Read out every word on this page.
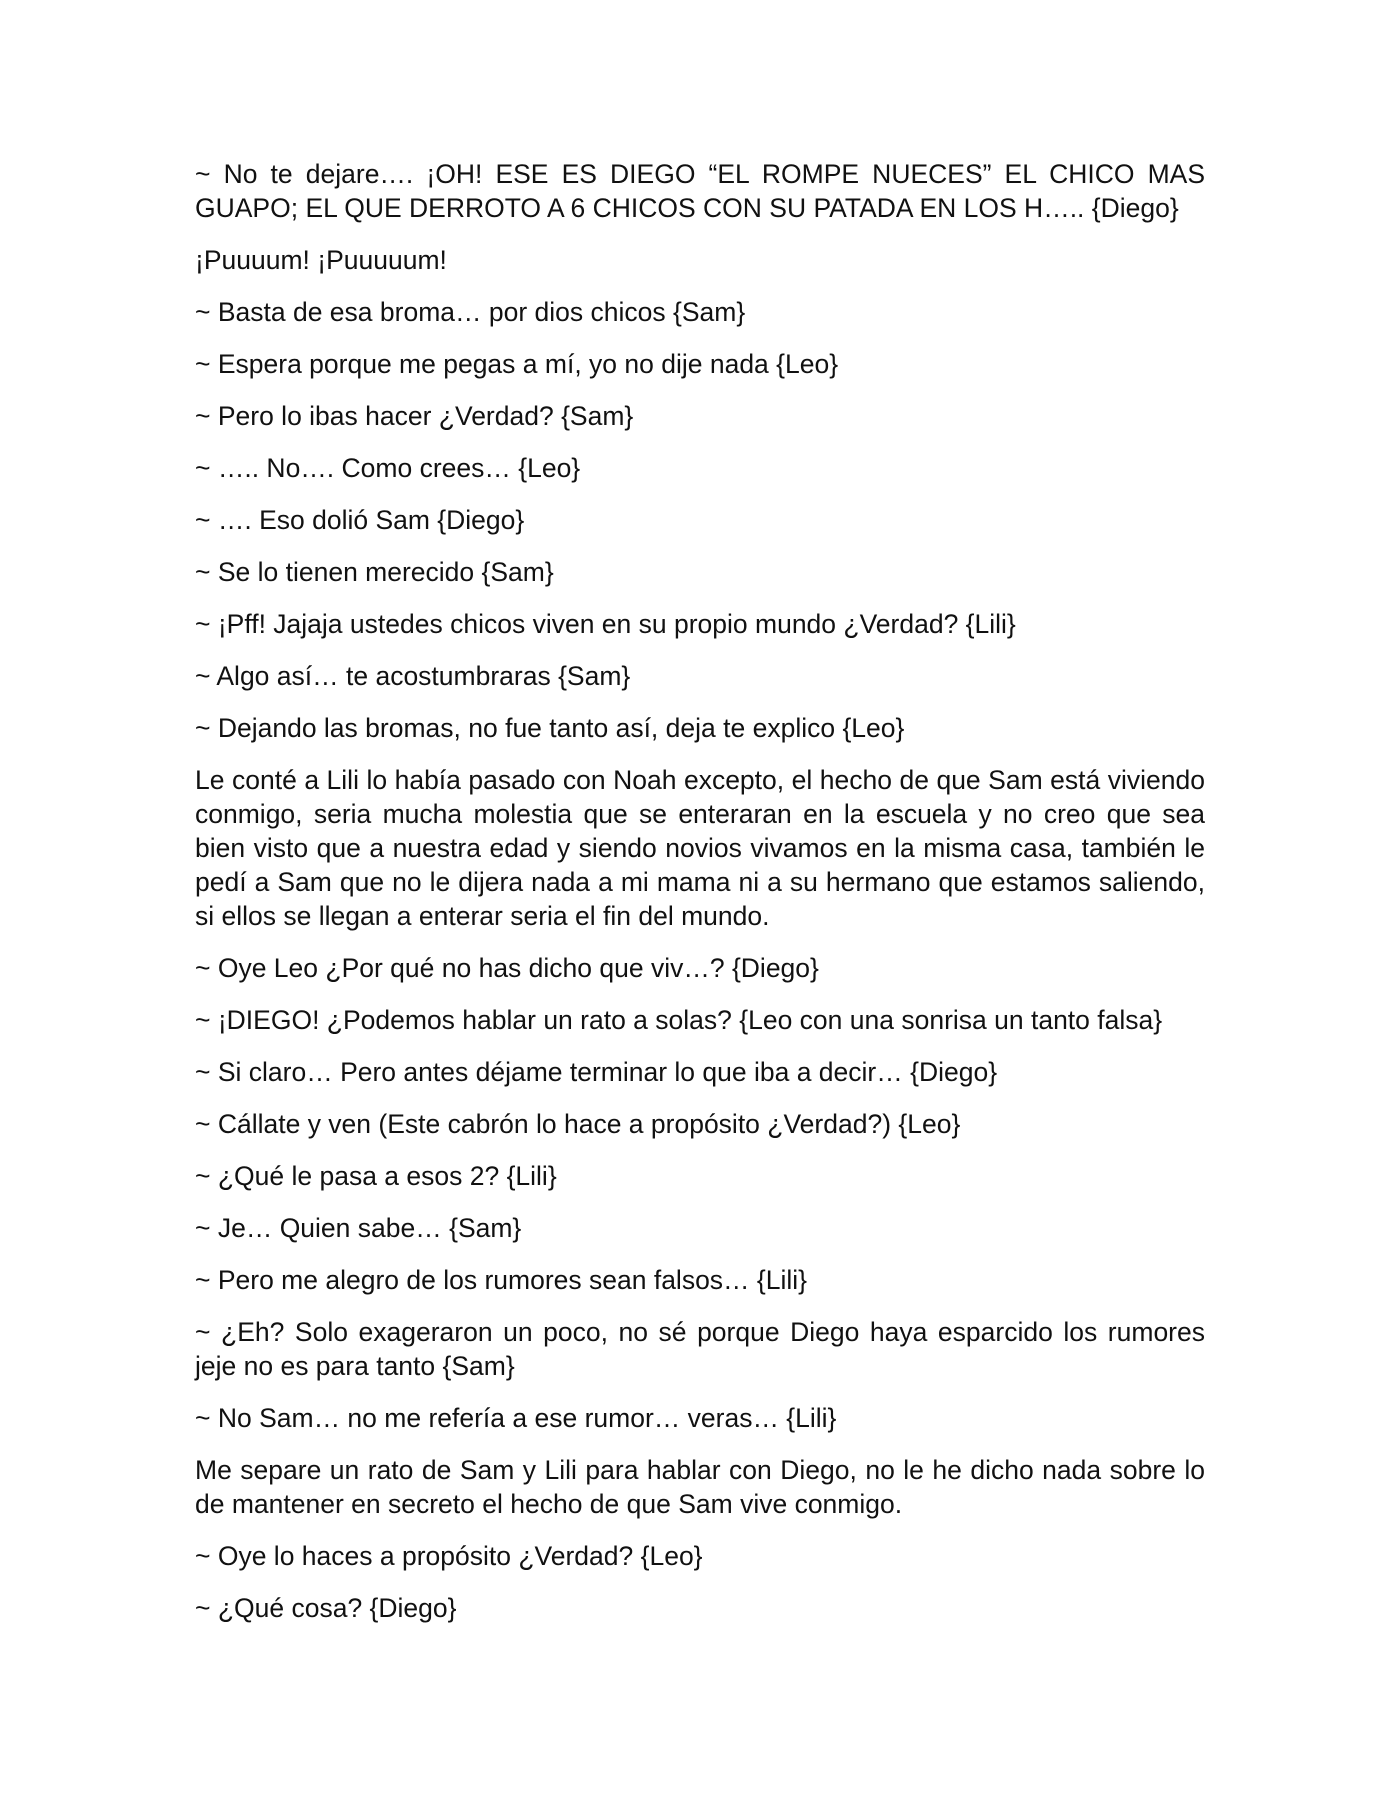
~ No te dejare…. ¡OH! ESE ES DIEGO “EL ROMPE NUECES” EL CHICO MAS GUAPO; EL QUE DERROTO A 6 CHICOS CON SU PATADA EN LOS H….. {Diego}

¡Puuuum! ¡Puuuuum!

~ Basta de esa broma… por dios chicos {Sam}

~ Espera porque me pegas a mí, yo no dije nada {Leo}

~ Pero lo ibas hacer ¿Verdad? {Sam}

~ ….. No…. Como crees… {Leo}

~ …. Eso dolió Sam {Diego}

~ Se lo tienen merecido {Sam}

~ ¡Pff! Jajaja ustedes chicos viven en su propio mundo ¿Verdad? {Lili}

~ Algo así… te acostumbraras {Sam}

~ Dejando las bromas, no fue tanto así, deja te explico {Leo}

Le conté a Lili lo había pasado con Noah excepto, el hecho de que Sam está viviendo conmigo, seria mucha molestia que se enteraran en la escuela y no creo que sea bien visto que a nuestra edad y siendo novios vivamos en la misma casa, también le pedí a Sam que no le dijera nada a mi mama ni a su hermano que estamos saliendo, si ellos se llegan a enterar seria el fin del mundo.

~ Oye Leo ¿Por qué no has dicho que viv…? {Diego}

~ ¡DIEGO! ¿Podemos hablar un rato a solas? {Leo con una sonrisa un tanto falsa}

~ Si claro… Pero antes déjame terminar lo que iba a decir… {Diego}

~ Cállate y ven (Este cabrón lo hace a propósito ¿Verdad?) {Leo}

~ ¿Qué le pasa a esos 2? {Lili}

~ Je… Quien sabe… {Sam}

~ Pero me alegro de los rumores sean falsos… {Lili}

~ ¿Eh? Solo exageraron un poco, no sé porque Diego haya esparcido los rumores jeje no es para tanto {Sam}

~ No Sam… no me refería a ese rumor… veras… {Lili}

Me separe un rato de Sam y Lili para hablar con Diego, no le he dicho nada sobre lo de mantener en secreto el hecho de que Sam vive conmigo.

~ Oye lo haces a propósito ¿Verdad? {Leo}

~ ¿Qué cosa? {Diego}
